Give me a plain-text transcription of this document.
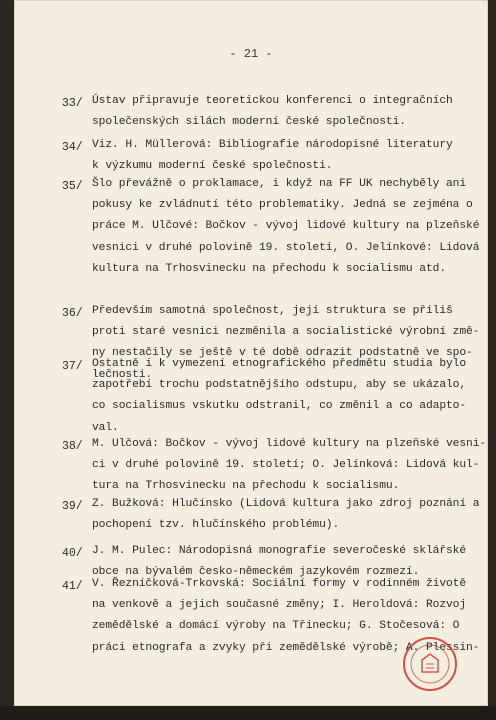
- 21 -
33/ Ústav připravuje teoretickou konferenci o integračních
společenských silách moderní české společnosti.
34/ Viz. H. Müllerová: Bibliografie národopisné literatury
k výzkumu moderní české společnosti.
35/ Šlo převážně o proklamace, i když na FF UK nechyběly ani
pokusy ke zvládnutí této problematiky. Jedná se zejména o
práce M. Ulčové: Bočkov - vývoj lidové kultury na plzeňské
vesnici v druhé polovině 19. století, O. Jelínkové: Lidová
kultura na Trhosvinecku na přechodu k socialismu atd.
36/ Především samotná společnost, její struktura se příliš
proti staré vesnici nezměnila a socialistické výrobní změ-
ny nestačily se ještě v té době odrazit podstatně ve spo-
lečnosti.
37/ Ostatně i k vymezení etnografického předmětu studia bylo
zapotřebí trochu podstatnějšího odstupu, aby se ukázalo,
co socialismus vskutku odstranil, co změnil a co adapto-
val.
38/ M. Ulčová: Bočkov - vývoj lidové kultury na plzeňské vesni-
ci v druhé polovině 19. století; O. Jelínková: Lidová kul-
tura na Trhosvinecku na přechodu k socialismu.
39/ Z. Bužková: Hlučínsko (Lidová kultura jako zdroj poznání a
pochopení tzv. hlučínského problému).
40/ J. M. Pulec: Národopisná monografie severočeské sklářské
obce na bývalém česko-německém jazykovém rozmezí.
41/ V. Řezníčková-Trkovská: Sociální formy v rodinném životě
na venkově a jejich současné změny; I. Heroldová: Rozvoj
zemědělské a domácí výroby na Třinecku; G. Stočesová: O
práci etnografa a zvyky při zemědělské výrobě; A. Plessin-
